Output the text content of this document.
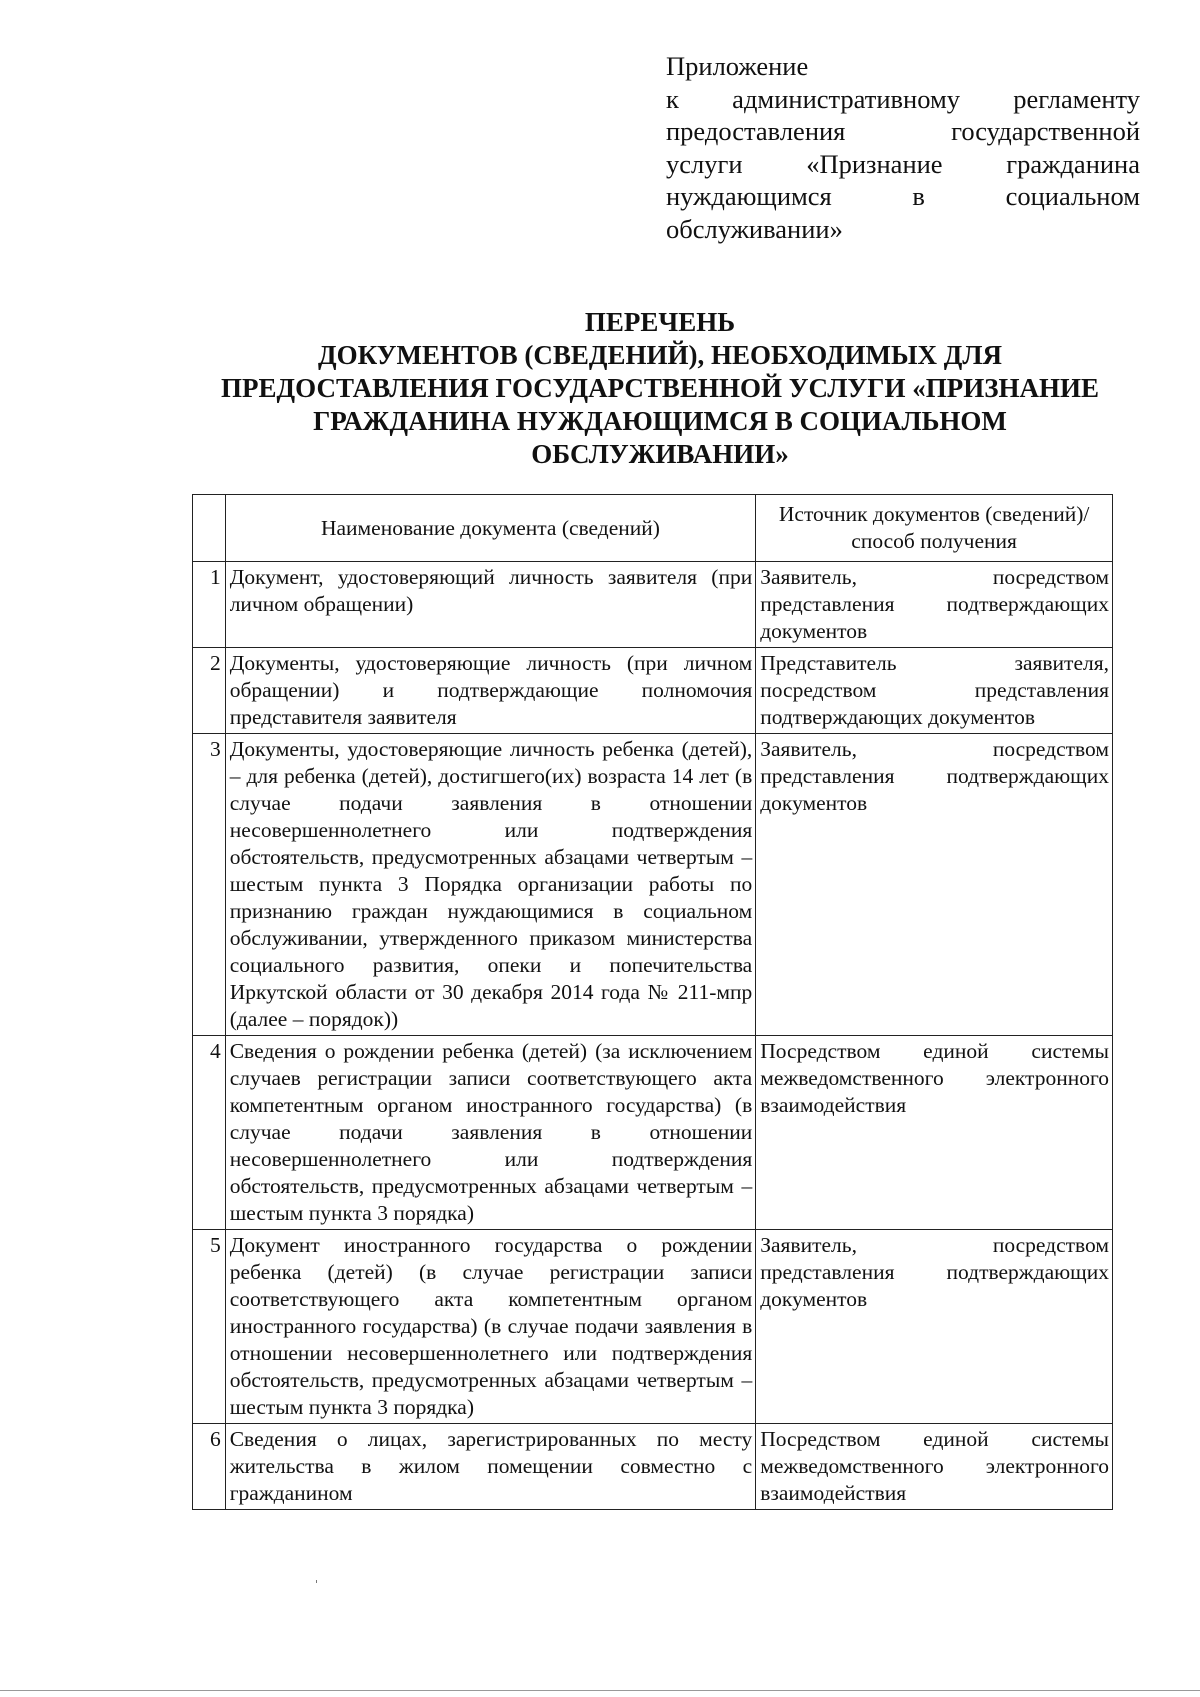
Приложение
к административному регламенту
предоставления государственной
услуги «Признание гражданина
нуждающимся в социальном
обслуживании»
ПЕРЕЧЕНЬ
ДОКУМЕНТОВ (СВЕДЕНИЙ), НЕОБХОДИМЫХ ДЛЯ
ПРЕДОСТАВЛЕНИЯ ГОСУДАРСТВЕННОЙ УСЛУГИ «ПРИЗНАНИЕ
ГРАЖДАНИНА НУЖДАЮЩИМСЯ В СОЦИАЛЬНОМ
ОБСЛУЖИВАНИИ»
	Наименование документа (сведений)	Источник документов (сведений)/способ получения
1	Документ, удостоверяющий личность заявителя (при личном обращении)	Заявитель, посредством представления подтверждающих документов
2	Документы, удостоверяющие личность (при личном обращении) и подтверждающие полномочия представителя заявителя	Представитель заявителя, посредством представления подтверждающих документов
3	Документы, удостоверяющие личность ребенка (детей), – для ребенка (детей), достигшего(их) возраста 14 лет (в случае подачи заявления в отношении несовершеннолетнего или подтверждения обстоятельств, предусмотренных абзацами четвертым – шестым пункта 3 Порядка организации работы по признанию граждан нуждающимися в социальном обслуживании, утвержденного приказом министерства социального развития, опеки и попечительства Иркутской области от 30 декабря 2014 года № 211-мпр (далее – порядок))	Заявитель, посредством представления подтверждающих документов
4	Сведения о рождении ребенка (детей) (за исключением случаев регистрации записи соответствующего акта компетентным органом иностранного государства) (в случае подачи заявления в отношении несовершеннолетнего или подтверждения обстоятельств, предусмотренных абзацами четвертым – шестым пункта 3 порядка)	Посредством единой системы межведомственного электронного взаимодействия
5	Документ иностранного государства о рождении ребенка (детей) (в случае регистрации записи соответствующего акта компетентным органом иностранного государства) (в случае подачи заявления в отношении несовершеннолетнего или подтверждения обстоятельств, предусмотренных абзацами четвертым – шестым пункта 3 порядка)	Заявитель, посредством представления подтверждающих документов
6	Сведения о лицах, зарегистрированных по месту жительства в жилом помещении совместно с гражданином	Посредством единой системы межведомственного электронного взаимодействия
